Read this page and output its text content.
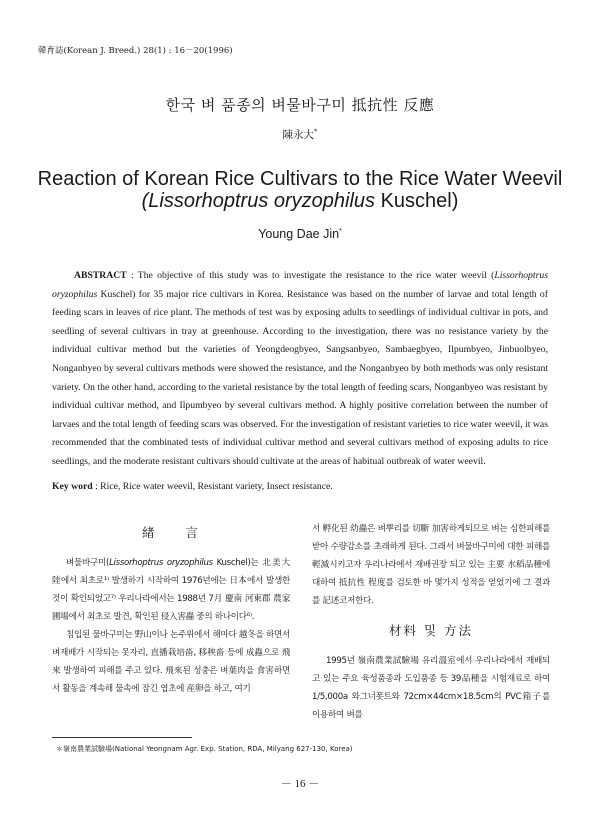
韓育誌(Korean J. Breed.) 28(1) : 16－20(1996)
한국 벼 품종의 벼물바구미 抵抗性 反應
陳永大*
Reaction of Korean Rice Cultivars to the Rice Water Weevil
(Lissorhoptrus oryzophilus Kuschel)
Young Dae Jin*
ABSTRACT : The objective of this study was to investigate the resistance to the rice water weevil (Lissorhoptrus oryzophilus Kuschel) for 35 major rice cultivars in Korea. Resistance was based on the number of larvae and total length of feeding scars in leaves of rice plant. The methods of test was by exposing adults to seedlings of individual cultivar in pots, and seedling of several cultivars in tray at greenhouse. According to the investigation, there was no resistance variety by the individual cultivar method but the varieties of Yeongdeogbyeo, Sangsanbyeo, Sambaegbyeo, Ilpumbyeo, Jinbuolbyeo, Nonganbyeo by several cultivars methods were showed the resistance, and the Nonganbyeo by both methods was only resistant variety. On the other hand, according to the varietal resistance by the total length of feeding scars, Nonganbyeo was resistant by individual cultivar method, and Ilpumbyeo by several cultivars method. A highly positive correlation between the number of larvaes and the total length of feeding scars was observed. For the investigation of resistant varieties to rice water weevil, it was recommended that the combinated tests of individual cultivar method and several cultivars method of exposing adults to rice seedlings, and the moderate resistant cultivars should cultivate at the areas of habitual outbreak of water weevil.
Key word : Rice, Rice water weevil, Resistant variety, Insect resistance.
緖　　言

벼물바구미(Lissorhoptrus oryzophilus Kuschel)는 北美大陸에서 최초로¹⁾ 발생하기 시작하여 1976년에는 日本에서 발생한 것이 확인되었고⁷⁾ 우리나라에서는 1988년 7月 慶南 河東郡 農家圃場에서 최초로 발견, 확인된 侵入害蟲 중의 하나이다⁶⁾.

침입된 물바구미는 野山이나 논주위에서 해마다 越冬을 하면서 벼재배가 시작되는 못자리, 直播栽培畓, 移秧畓 등에 成蟲으로 飛來 발생하여 피해를 주고 있다. 飛來된 성충은 벼葉肉을 食害하면서 활동을 계속해 물속에 잠긴 엽초에 産卵을 하고, 여기

서 孵化된 幼蟲은 벼뿌리를 切斷 加害하게되므로 벼는 심한피해를 받아 수량감소를 초래하게 된다. 그래서 벼물바구미에 대한 피해를 輕減시키고자 우리나라에서 재배권장 되고 있는 主要 水稻品種에 대하여 抵抗性 程度를 검토한 바 몇가지 성적을 얻었기에 그 결과를 記述코저한다.

材料 및 方法

1995년 嶺南農業試驗場 유리溫室에서 우리나라에서 재배되고 있는 주요 육성품종과 도입품종 등 39品種을 시험재료로 하여 1/5,000a 와그너폿트와 72cm×44cm×18.5cm의 PVC箱子를 이용하여 벼를

＊嶺南農業試驗場(National Yeongnam Agr. Exp. Station, RDA, Milyang 627-130, Korea)
－ 16 －
